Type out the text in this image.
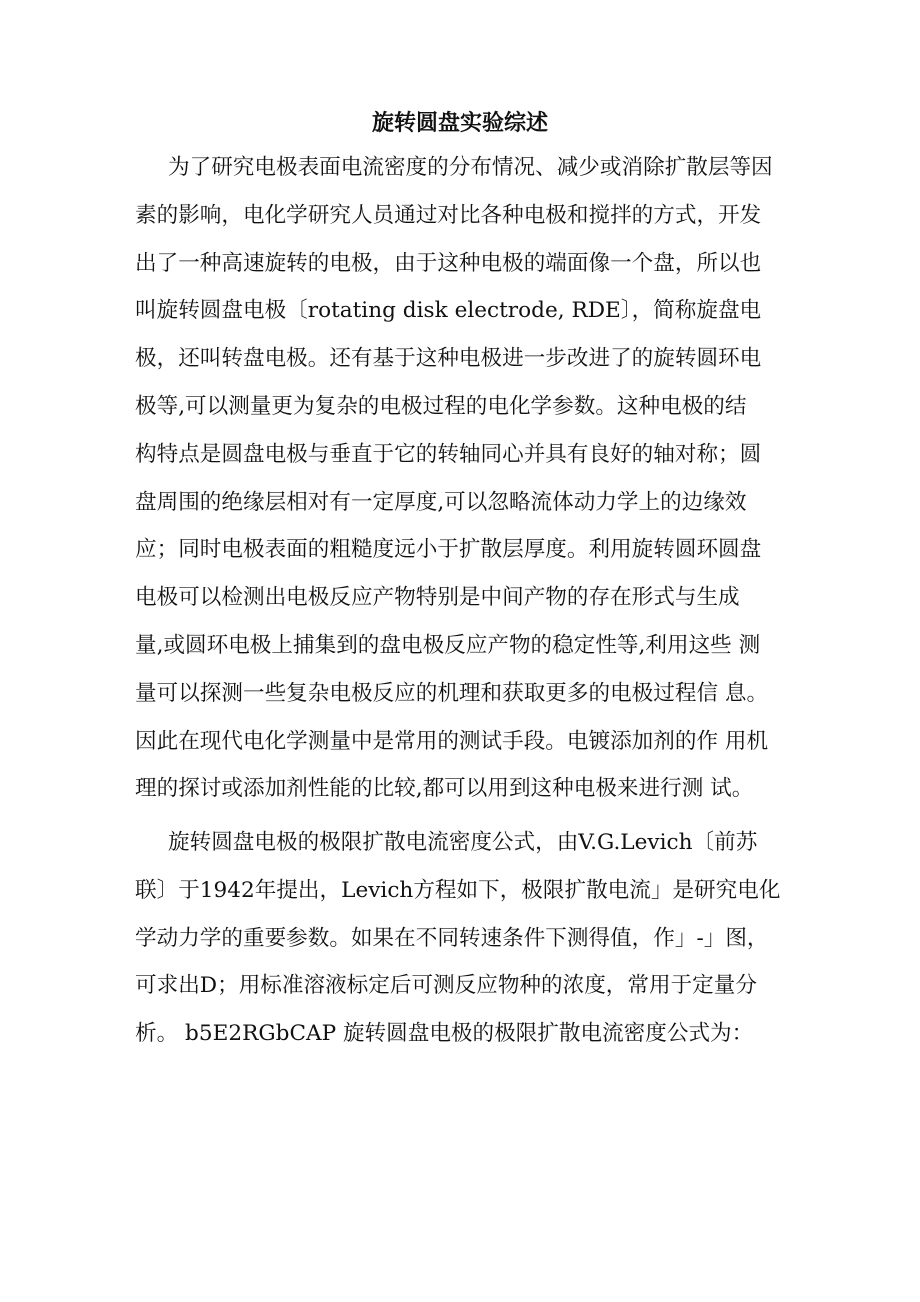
旋转圆盘实验综述
为了研究电极表面电流密度的分布情况、减少或消除扩散层等因
素的影响，电化学研究人员通过对比各种电极和搅拌的方式，开发
出了一种高速旋转的电极，由于这种电极的端面像一个盘，所以也
叫旋转圆盘电极〔rotating disk electrode, RDE〕，简称旋盘电
极，还叫转盘电极。还有基于这种电极进一步改进了的旋转圆环电
极等,可以测量更为复杂的电极过程的电化学参数。这种电极的结
构特点是圆盘电极与垂直于它的转轴同心并具有良好的轴对称；圆
盘周围的绝缘层相对有一定厚度,可以忽略流体动力学上的边缘效
应；同时电极表面的粗糙度远小于扩散层厚度。利用旋转圆环圆盘
电极可以检测出电极反应产物特别是中间产物的存在形式与生成
量,或圆环电极上捕集到的盘电极反应产物的稳定性等,利用这些 测
量可以探测一些复杂电极反应的机理和获取更多的电极过程信 息。
因此在现代电化学测量中是常用的测试手段。电镀添加剂的作 用机
理的探讨或添加剂性能的比较,都可以用到这种电极来进行测 试。
旋转圆盘电极的极限扩散电流密度公式，由V.G.Levich〔前苏
联〕于1942年提出，Levich方程如下，极限扩散电流」是研究电化
学动力学的重要参数。如果在不同转速条件下测得值，作」-」图，
可求出D；用标准溶液标定后可测反应物种的浓度，常用于定量分
析。 b5E2RGbCAP 旋转圆盘电极的极限扩散电流密度公式为：
